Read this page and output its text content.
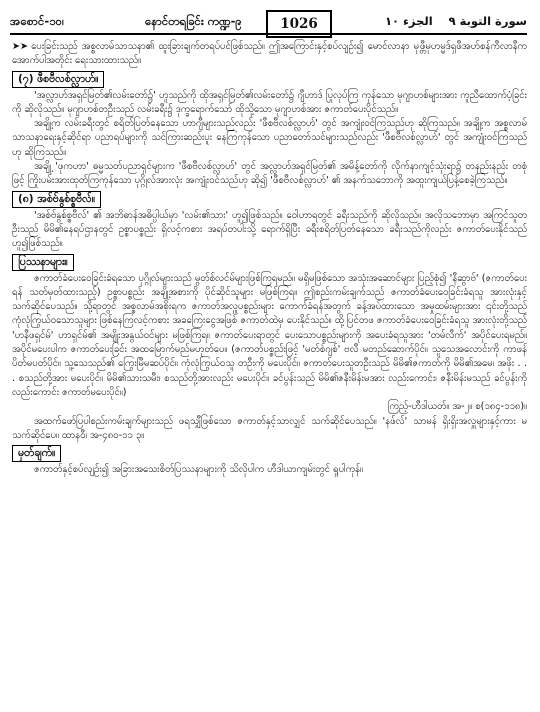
အစောင်-၁၀၊	နောင်တရခြင်း ကဏ္ဍ-၉	1026	الجزء ١٠ سورة التوبة ٩

➤➤ ပေးခြင်းသည် အစ္စလာမ်သာသနာ၏ ထူးခြားချက်တရပ်ပင်ဖြစ်သည်။ ဤအကြောင်းနှင့်စပ်လျဉ်း၍ မောင်လာနာ မုဖ္တီမုဟမ္မဒ်ရှဖီအဟ်စန်ကီလာနီက အောက်ပါအတိုင်း ရေးသားထားသည်။

(၇) ဖီစဗီလစ်လ္လာဟ်။

'အလ္လာဟ်အရှင်မြတ်၏လမ်းတော်၌' ဟူသည်ကို ထိုအရှင်မြတ်၏လမ်းတော်၌ ဂျီဟာဒ် ပြုလုပ်ကြ ကုန်သော မုဂျာဟစ်များအား ကူညီထောက်ပံ့ခြင်းကို ဆိုလိုသည်။ မုဂျာဟစ်တဦးသည် လမ်းခရီး၌ ဒုက္ခရောက်သော် ထိုသို့သော မုဂျာဟစ်အား ဇကာတ်ပေးပိုင်သည်။

အချို့က လမ်းခရီးတွင် စရိတ်ပြတ်နေသော ဟာဂျီများသည်လည်း 'ဖီစဗီလစ်လ္လာဟ်' တွင် အကျုံးဝင်ကြသည်ဟု ဆိုကြသည်။ အချို့က အစ္စလာမ်သာသနာရေးနှင့်ဆိုင်ရာ ပညာရပ်များကို သင်ကြားဆည်းပူး နေကြကုန်သော ပညာတော်သင်များသည်လည်း 'ဖီစဗီလစ်လ္လာဟ်' တွင် အကျုံးဝင်ကြသည်ဟု ဆိုကြသည်။

အချို့ 'ဖုကဟာ' ဓမ္မသတ်ပညာရှင်များက 'ဖီစဗီလစ်လ္လာဟ်' တွင် အလ္လာဟ်အရှင်မြတ်၏ အမိန့်တော်ကို လိုက်နာကျင့်သုံးရာ၌ တနည်းနည်း တစုံဖြင့် ကြိုးပမ်းအားထုတ်ကြကုန်သော ပုဂ္ဂိုလ်အားလုံး အကျုံးဝင်သည်ဟု ဆို၍ 'ဖီစဗီလစ်လ္လာဟ်' ၏ အနက်သဘောကို အထူးကျယ်ပြန့်စေခဲ့ကြသည်။

(၈) အစ်ဗ်နွစ်စ္စဗီလ်။

'အစ်ဗ်နွစ်စ္စဗီလ်' ၏ အဘိဓာန်အဓိပ္ပါယ်မှာ 'လမ်း၏သား' ဟူ၍ဖြစ်သည်။ ဝေါဟာရတွင် ခရီးသည်ကို ဆိုလိုသည်။ အလိုသဘောမှာ အကြင်သူတဦးသည် မိမိ၏နေရပ်ဌာနတွင် ဥစ္စာပစ္စည်း ရှိလင့်ကစား အရပ်တပါးသို့ ရောက်ရှိပြီး ခရီးစရိတ်ပြတ်နေသော ခရီးသည်ကိုလည်း ဇကာတ်ပေးနိုင်သည် ဟူ၍ဖြစ်သည်။

ပြဿနာများ။

ဇကာတ်ခံပေးဝေခြင်းခံရသော ပုဂ္ဂိုလ်များသည် မွတ်စ်လင်မ်များဖြစ်ကြရမည်။ မရှိမဖြစ်သော အသုံးအဆောင်များ ပြည့်စုံ၍ 'နီဆွာဗ်' (ဇကာတ်ပေးရန် သတ်မှတ်ထားသည့်) ဥစ္စာပစ္စည်း အချို့အစားကို ပိုင်ဆိုင်သူများ မဖြစ်ကြရ။ ဤစည်းကမ်းချက်သည် ဇကာတ်ခံပေးဝေခြင်းခံရသူ အားလုံးနှင့် သက်ဆိုင်ပေသည်။ သို့ရာတွင် အစ္စလာမ်အစိုးရက ဇကာတ်အလှူပစ္စည်းများ ကောက်ခံရန်အတွက် ခန့်အပ်ထားသော အမှုထမ်းများအား ၎င်းတို့သည် ကုံလုံကြွယ်ဝသောသူများ ဖြစ်နေကြလင့်ကစား အခကြေးငွေအဖြစ် ဇကာတ်ထဲမှ ပေးနိုင်သည်။ ထို့ပြင်တဖ ဇကာတ်ခံပေးဝေခြင်းခံရသူ အားလုံးတို့သည် 'ဟနီဖရှင်မ်' ဟာရှင်မ်၏ အမျိုးအနွယ်ဝင်များ မဖြစ်ကြရ။ ဇကာတ်ပေးရာတွင် ပေးသောပစ္စည်းများကို အပေးခံရသူအား 'တမ်လီက်' အပိုင်ပေးရမည်။ အပိုင်မပေးပါက ဇကာတ်ပေးခြင်း အထမြောက်မည်မဟုတ်ပေ။ (ဇကာတ်ပစ္စည်းဖြင့် 'မတ်စ်ဂျစ်' ဗလီ မတည်ဆောက်ပိုင်။ သူသေအလောင်းကို ကာဖန်ပိတ်မပတ်ပိုင်။ သူ့သေသည်၏ ကြွေးမြီမဆပ်ပိုင်။ ကုံလုံကြွယ်ဝသူ တဦးကို မပေးပိုင်။ ဇကာတ်ပေးသူတဦးသည် မိမိ၏ဇကာတ်ကို မိမိ၏အမေ၊ အဖိုး . . . စသည်တို့အား မပေးပိုင်။ မိမိ၏သားသမီး၊ စသည်တို့အားလည်း မပေးပိုင်။ ခင်ပွန်းသည် မိမိ၏ဇနီးမိန်းမအား လည်းကောင်း၊ ဇနီးမိန်းမသည် ခင်ပွန်းကို လည်းကောင်း ဇကာတ်မပေးပိုင်။)

ကြည့်-ဟီဒါယတ်။ အ-၂။ စ(၁၈၄-၁၁၈)။

အထက်ဖော်ပြပါစည်းကမ်းချက်များသည် ဖရသျှီဖြစ်သော ဇကာတ်နှင့်သာလျှင် သက်ဆိုင်ပေသည်။ 'နဖ်လ်' သာမန် ရှိးရှိးအလှူများနှင့်ကား မသက်ဆိုင်ပေ။ ထာနဝီ၊ အ-၄၈၀-၁၁ ၃။

မှတ်ချက်။

ဇကာတ်နှင့်စပ်လျဉ်း၍ အခြားအသေးစိတ်ပြဿနာများကို သိလိုပါက ဟီဒါယာကျမ်းတွင် ရှုပါကုန်။
